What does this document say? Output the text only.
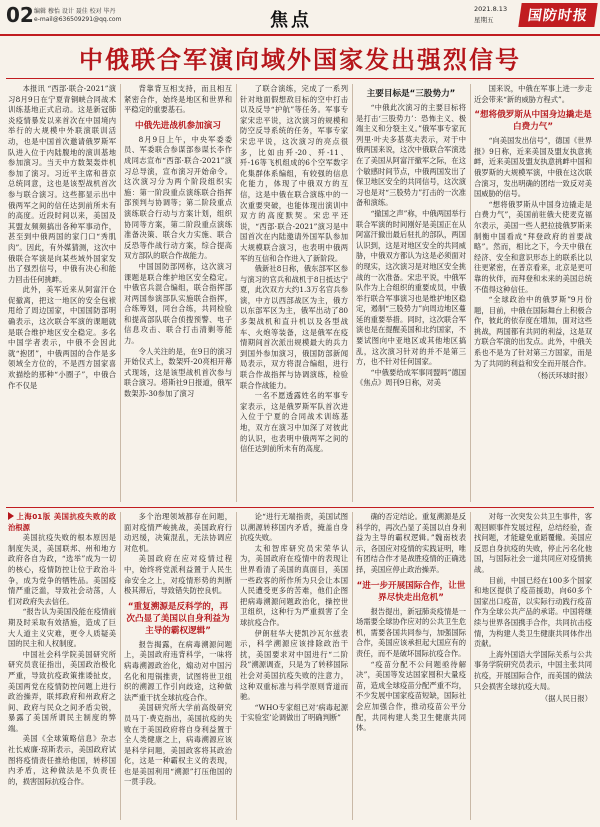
02 编辑 穆怡 设计 聂佳 校对 毕丹
e-mail@636509291@qq.com	焦点
2021.8.13
星期五	国防时报
中俄联合军演向域外国家发出强烈信号

本报讯 “西部·联合-2021”演习8月9日在宁夏青铜峡合同战术训练基地正式启动。这是新冠肺炎疫情暴发以来首次在中国境内举行的大规模中外联演联训活动，也是中国首次邀请俄罗斯军队进入位于内陆腹地的演训基地参加演习。当天中方数架轰炸机参加了演习。习近平主席和普京总统同意，这也是该型战机首次参与联合演习。这些都显示出中俄两军之间的信任达到前所未有的高度。近段时间以来，美国及其盟友频频搞出各种军事动作，甚至到中俄两国的家门口“秀肌肉”。因此，有外媒猜测，这次中俄联合军演是向某些域外国家发出了强烈信号，中俄有决心和能力回击任何挑衅。

此外，美军近来从阿富汗仓促撤离，把这一地区的安全包袱甩给了周边国家，中国国防部明确表示，这次联合军演的课题就是联合维护地区安全稳定。多名中国学者表示，中俄不会因此就“抱团”，中俄两国的合作是多领域全方位的，不是西方国家喜欢描绘的那种“小圈子”，中俄合作不仅是

背靠背互相支持，而且相互紧密合作，始终是地区和世界和平稳定的重要基石。

中俄先进战机参加演习

8月9日上午，中央军委委员、军委联合参谋部参谋长李作成同志宣布“西部·联合-2021”演习总导演，宣布演习开始命令。这次演习分为两个阶段组织实施：第一阶段重点演练联合指挥部预判与协调等；第二阶段重点演练联合行动与方案计划，组织协同等方案，第二阶段重点演练准备决策、联合火力实施、联合反恐等作战行动方案，综合提高双方部队的联合作战能力。

中国国防部网称，这次演习课题是联合维护地区安全稳定。中俄官兵混合编组，联合指挥部对两国参演部队实施联合指挥，合练筹划，同台合练，共同检验和提高部队联合侦搜预警、电子信息攻击、联合打击清剿等能力。

令人关注的是，在9日的演习开始仪式上，数架歼-20亮相开幕式现场，这是该型战机首次参与联合演习。塔斯社9日报道，俄军数架苏-30参加了演习

了联合演练，完成了一系列针对地面假想敌目标的空中打击以及反导“护航”等任务。军事专家宋忠平说，这次演习的规模和防空反导系统的任务，军事专家宋忠平说，这次演习的亮点很多，比如由歼-20、歼-11、歼-16等飞机组成的6个空军数字化集群体系编组，有较强的信息化能力，体现了中俄双方的互信，这是中俄在联合演练中的一次重要突破，也能体现出演训中双方的高度默契。宋忠平还说，“西部·联合-2021”演习是中国首次在内陆邀请外国军队参加大规模联合演习，也表明中俄两军的互信和合作进入了新阶段。

俄新社8日称，俄东部军区参与演习的官兵和战机于8日抵达宁夏，此次双方大约1.3万名官兵参演，中方以西部战区为主，俄方以东部军区为主，俄军出动了80多架战机和直升机以及各型战车、火炮等装备，这是俄军在疫情期间首次派出规模最大的兵力到国外参加演习，俄国防部新闻局表示，双方将混合编组，进行联合作战指挥与协调演练，检验联合作战能力。

一名不愿透露姓名的军事专家表示，这是俄罗斯军队首次进入位于宁夏的合同战术训练基地，双方在演习中加深了对彼此的认识，也表明中俄两军之间的信任达到前所未有的高度。

主要目标是“三股势力”

“中俄此次演习的主要目标将是打击‘三股势力’：恐怖主义、极端主义和分裂主义。”俄军事专家瓦列里·叶夫多基莫夫表示，对于中俄两国来说，这次中俄联合军演选在了美国从阿富汗撤军之际，在这个敏感时间节点，中俄两国发出了保卫地区安全的共同信号，这次演习也是对“三股势力”打击的一次准备和演练。

“撤国之声”称，中俄两国举行联合军演的时间刚好是美国正在从阿富汗撤出最后驻扎的部队，两国认识到，这是对地区安全的共同威胁，中俄双方都认为这是必须面对的现实，这次演习是对地区安全挑战的一次准备。宋忠平说，中俄军队作为上合组织的重要成员，中俄举行联合军事演习也是维护地区稳定，遏制“三股势力”向周边地区蔓延的重要举措。同时，这次联合军演也是在提醒美国和北约国家，不要试图向中亚地区或其他地区搞乱，这次演习针对的并不是第三方，也不针对任何国家。

“中俄要给成军事同盟吗”德国《焦点》周刊9日称，对美

国来说，中俄在军事上进一步走近会带来“新的威胁方程式”。

“想将俄罗斯从中国身边撬走是白费力气”

“向美国发出信号”，德国《世界报》9日称，近来美国及盟友执意挑衅，近来美国及盟友执意挑衅中国和俄罗斯的大规模军演，中俄在这次联合演习，发出明确的团结一致反对美国威胁的信号。

“想将俄罗斯从中国身边撬走是白费力气”，美国前驻俄大使麦克福尔表示，美国一些人把拉拢俄罗斯来制衡中国看成“拜登政府的首要战略”。然而，相比之下，今天中俄在经济、安全和意识形态上的联系比以往更紧密，在普京看来，北京是更可靠的伙伴，而拜登和未来的美国总统不值得这种信任。

“全球政治中的俄罗斯”9月份题，目前，中俄在国际舞台上积极合作，彼此的依存度在增加，面对这些挑战，两国都有共同的利益，这是双方联合军演的出发点。此外，中俄关系也不是为了针对第三方国家，而是为了共同的利益和安全而开展合作。

（杨沃环球时报）

上海01版 美国抗疫失败的政治根源

美国抗疫失败的根本原因是制度失灵，美国联邦、州和地方政府各自为政，“选举”成为一切的核心，疫情防控让位于政治斗争，成为党争的牺牲品。美国疫情严重泛滥，导致社会动荡，人们对政府失去信任。

“报告认为美国没能在疫情前期及时采取有效措施，造成了巨大人道主义灾难，更令人质疑美国的民主和人权制度。

中国社会科学院美国研究所研究员袁征指出，美国政治极化严重，导致抗疫政策推诿扯皮，美国两党在疫情防控问题上进行政治操弄，联邦政府和州政府之间、政府与民众之间矛盾尖锐，暴露了美国所谓民主制度的弊端。

美国《全球策略信息》杂志社长威廉·琼斯表示，美国政府试图将疫情责任推给他国，转移国内矛盾，这种做法是不负责任的，损害国际抗疫合作。

多个治理领域都存在问题，面对疫情严峻挑战，美国政府行动迟缓，决策混乱，无法协调应对危机。

美国政府在应对疫情过程中，始终将党派利益置于人民生命安全之上，对疫情形势的判断极其滞后，导致错失防控良机。

“重复溯源是反科学的，再次凸显了美国以自身利益为主导的霸权逻辑”

报告揭露，在病毒溯源问题上，美国政府违背科学，一味将病毒溯源政治化，煽动对中国污名化和甩锅推责，试图将世卫组织的溯源工作引向歧途，这种做法严重干扰全球抗疫合作。

美国研究所大学前高级研究员马丁·费克指出，美国抗疫的失败在于美国政府将自身利益置于全人类健康之上，病毒溯源应该是科学问题，美国政客将其政治化，这是一种霸权主义的表现，也是美国利用“溯源”打压他国的一贯手段。

论“进行无端指责，美国试图以溯源转移国内矛盾，掩盖自身抗疫失败。

太和智库研究员宋荣华认为，美国政府在疫情中的表现让世界看清了美国的真面目，美国一些政客的所作所为只会让本国人民遭受更多的苦难，他们企图把病毒溯源问题政治化，操控世卫组织，这种行为严重损害了全球抗疫合作。

伊朗驻华大使凯沙瓦尔兹表示，科学溯源应该排除政治干扰，美国要求对中国进行“二阶段”溯源调查，只是为了转移国际社会对美国抗疫失败的注意力，这种双重标准与科学原则背道而驰。

“WHO专家组已对‘病毒起源于实验室’论调做出了明确判断”

确的否定结论。重复溯源是反科学的，再次凸显了美国以自身利益为主导的霸权逻辑。”魏南枝表示，各国应对疫情的实践证明，唯有团结合作才是战胜疫情的正确选择，美国应停止政治操弄。

“进一步开展国际合作，让世界尽快走出危机”

报告提出，新冠肺炎疫情是一场需要全球协作应对的公共卫生危机，需要各国共同参与，加强国际合作，美国应该承担起大国应有的责任，而不是破坏国际抗疫合作。

“疫苗分配不公问题亟待解决”，美国等发达国家囤积大量疫苗，造成全球疫苗分配严重不均，不少发展中国家疫苗短缺，国际社会应加强合作，推动疫苗公平分配，共同构建人类卫生健康共同体。

对每一次突发公共卫生事件，客观回顾事件发展过程，总结经验，查找问题，才能避免重蹈覆辙。美国应反思自身抗疫的失败，停止污名化他国，与国际社会一道共同应对疫情挑战。

目前，中国已经在100多个国家和地区提供了疫苗援助，向60多个国家出口疫苗，以实际行动践行疫苗作为全球公共产品的承诺。中国将继续与世界各国携手合作，共同抗击疫情，为构建人类卫生健康共同体作出贡献。

上海外国语大学国际关系与公共事务学院研究员表示，中国主张共同抗疫，开展国际合作，而美国的做法只会损害全球抗疫大局。

（据人民日报）
